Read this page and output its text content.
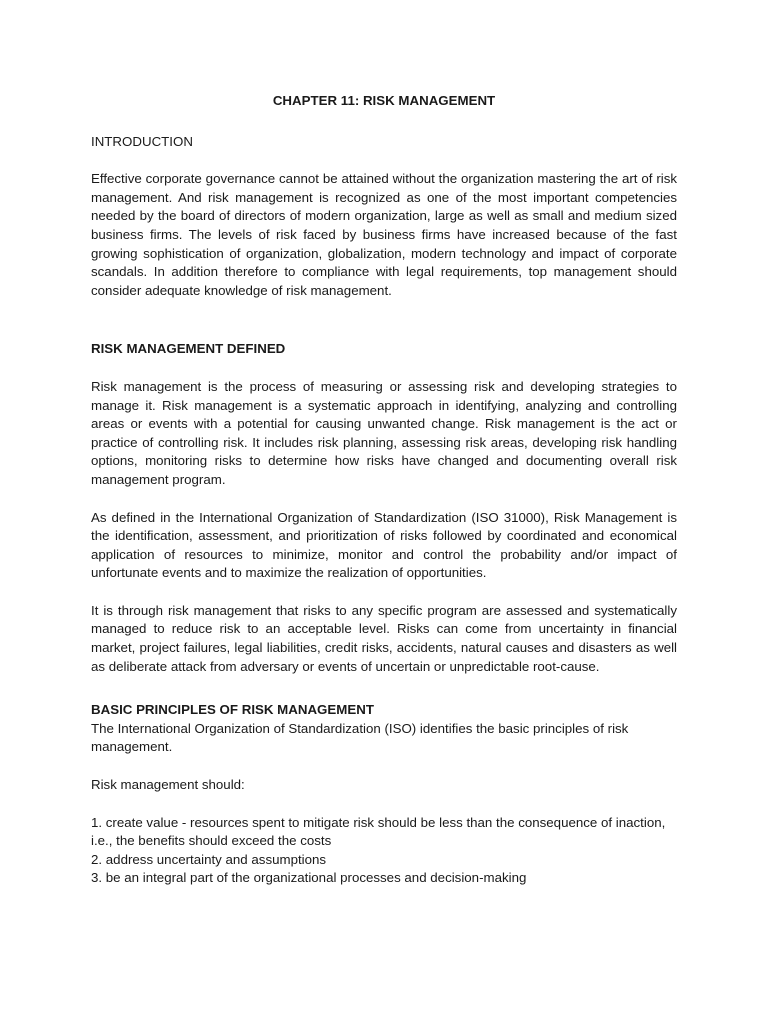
CHAPTER 11: RISK MANAGEMENT

INTRODUCTION

Effective corporate governance cannot be attained without the organization mastering the art of risk management. And risk management is recognized as one of the most important competencies needed by the board of directors of modern organization, large as well as small and medium sized business firms. The levels of risk faced by business firms have increased because of the fast growing sophistication of organization, globalization, modern technology and impact of corporate scandals. In addition therefore to compliance with legal requirements, top management should consider adequate knowledge of risk management.

RISK MANAGEMENT DEFINED

Risk management is the process of measuring or assessing risk and developing strategies to manage it. Risk management is a systematic approach in identifying, analyzing and controlling areas or events with a potential for causing unwanted change. Risk management is the act or practice of controlling risk. It includes risk planning, assessing risk areas, developing risk handling options, monitoring risks to determine how risks have changed and documenting overall risk management program.

As defined in the International Organization of Standardization (ISO 31000), Risk Management is the identification, assessment, and prioritization of risks followed by coordinated and economical application of resources to minimize, monitor and control the probability and/or impact of unfortunate events and to maximize the realization of opportunities.

It is through risk management that risks to any specific program are assessed and systematically managed to reduce risk to an acceptable level. Risks can come from uncertainty in financial market, project failures, legal liabilities, credit risks, accidents, natural causes and disasters as well as deliberate attack from adversary or events of uncertain or unpredictable root-cause.

BASIC PRINCIPLES OF RISK MANAGEMENT

The International Organization of Standardization (ISO) identifies the basic principles of risk management.

Risk management should:

1. create value - resources spent to mitigate risk should be less than the consequence of inaction, i.e., the benefits should exceed the costs

2. address uncertainty and assumptions

3. be an integral part of the organizational processes and decision-making
